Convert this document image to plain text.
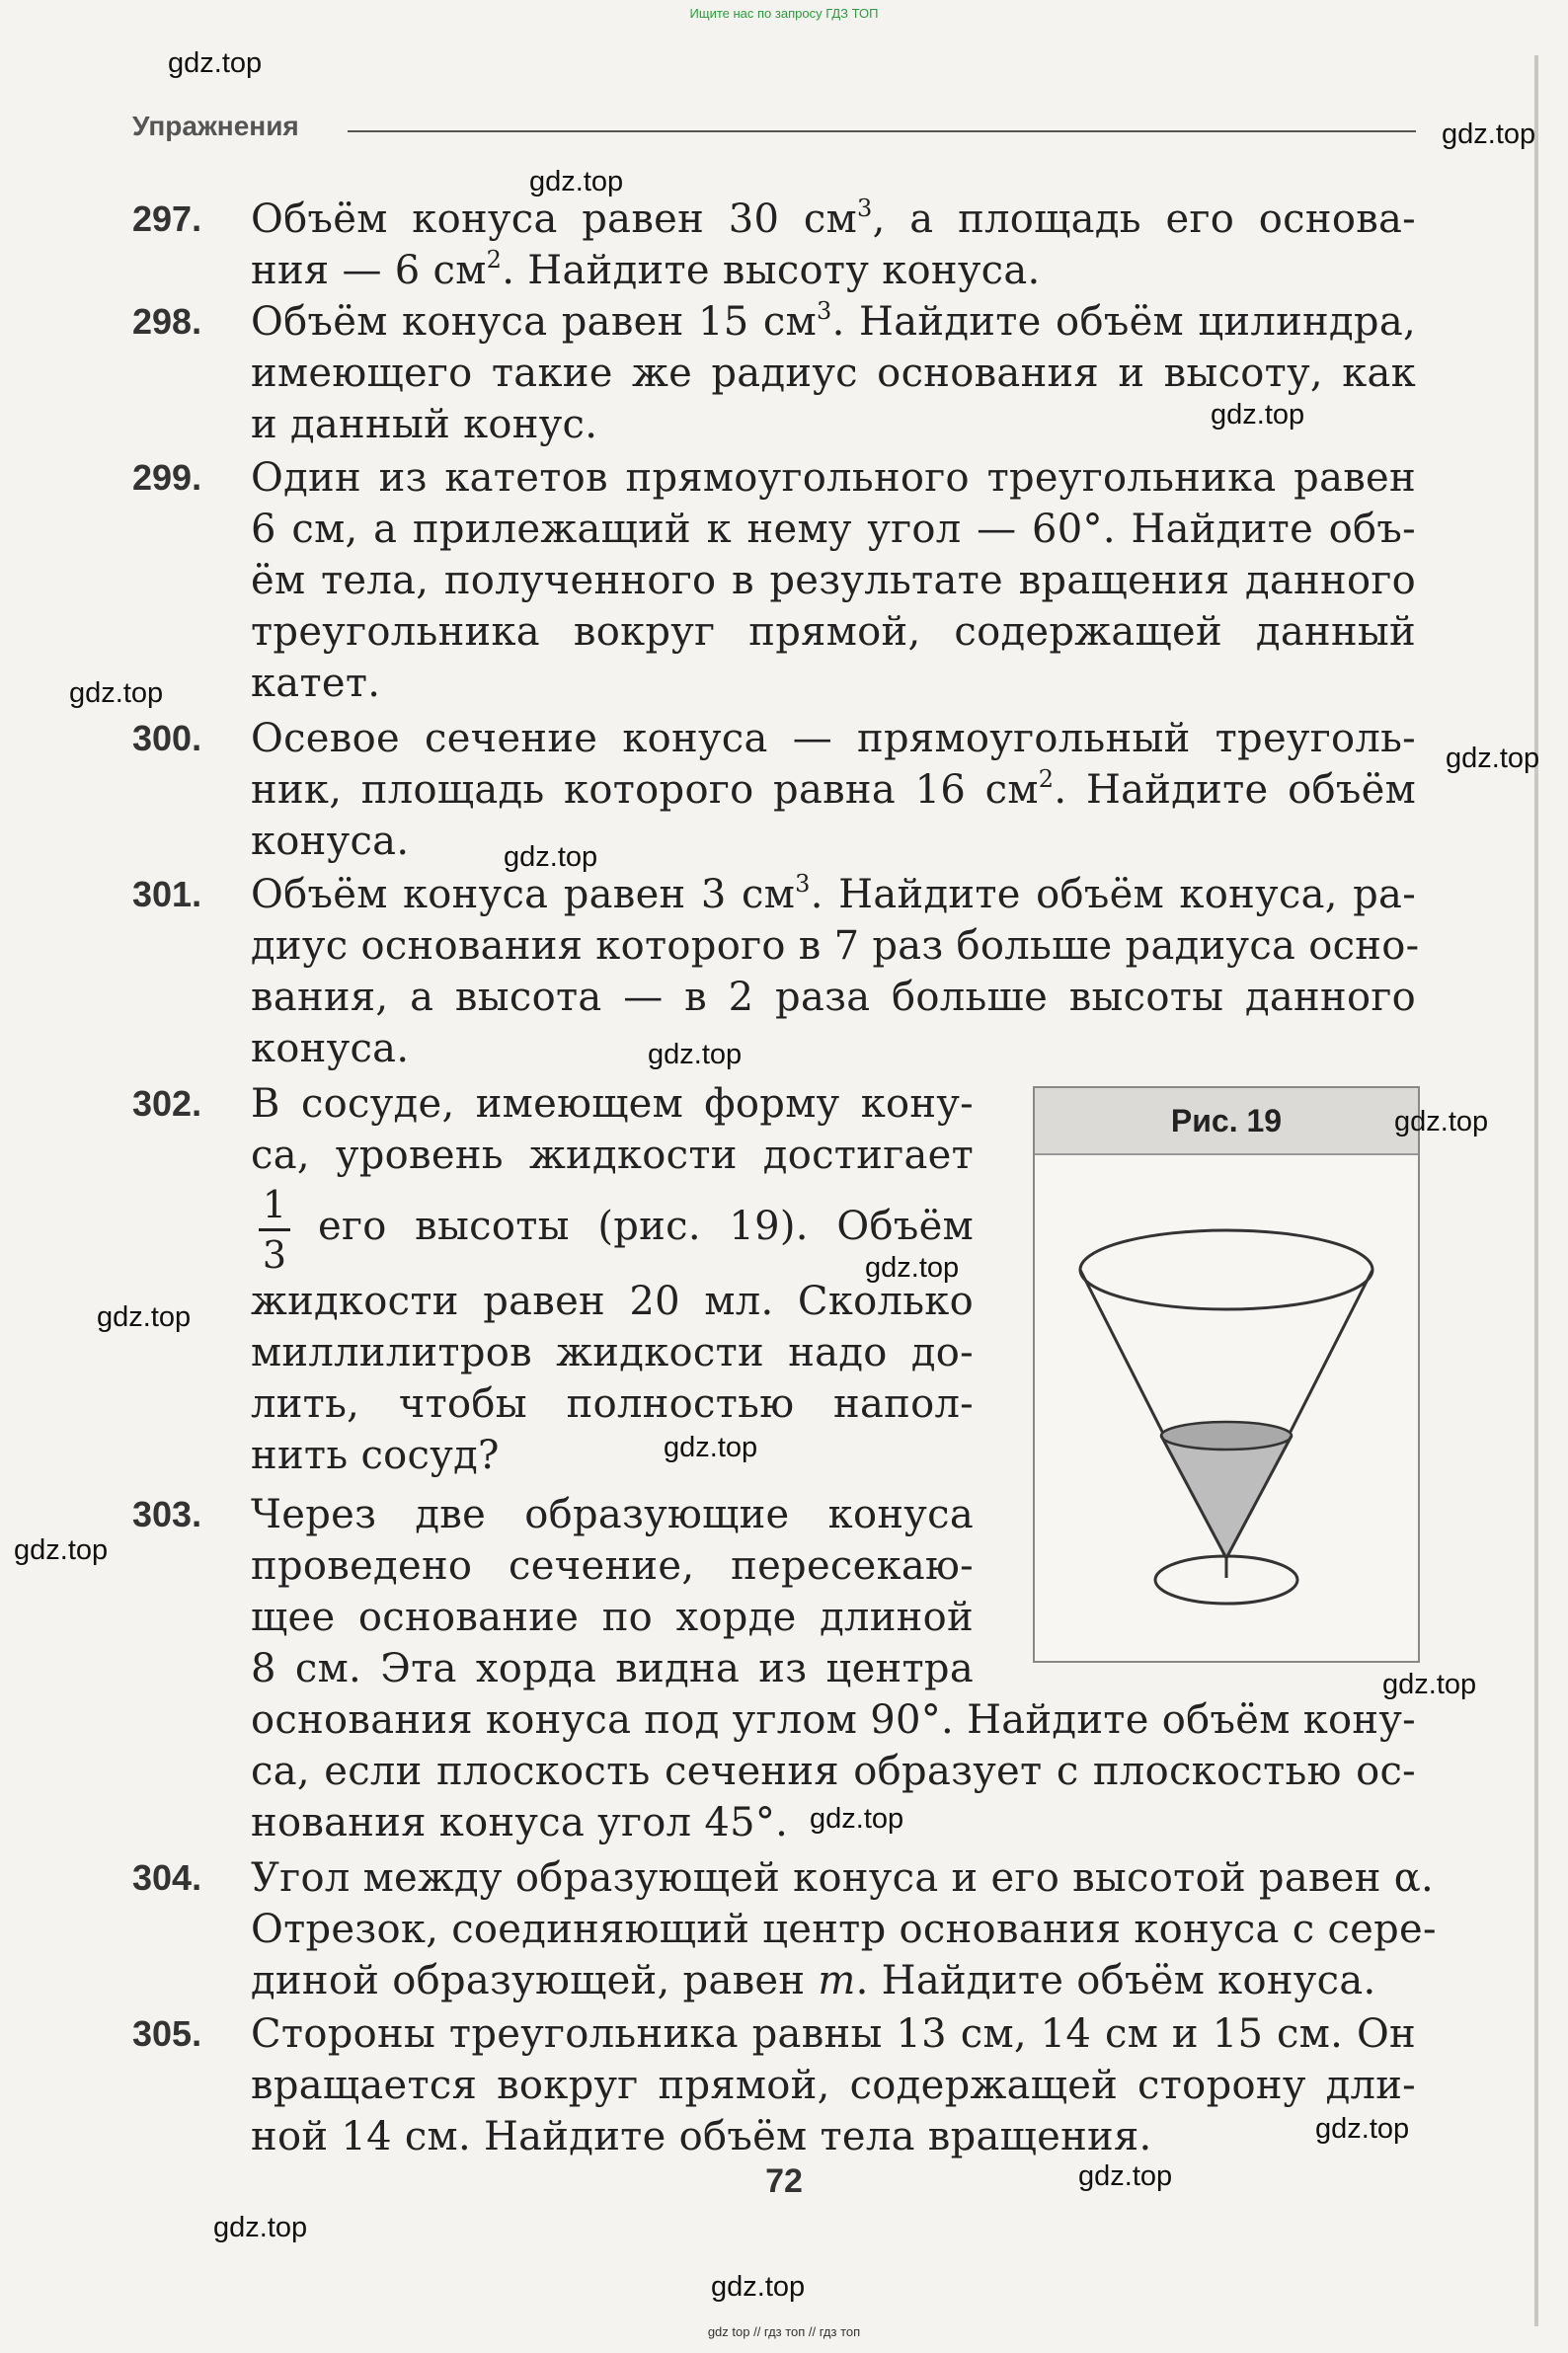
Ищите нас по запросу ГДЗ ТОП
Упражнения
297.	Объём конуса равен 30 $см^3$, а площадь его основа-
ния — 6 $см^2$. Найдите высоту конуса.
298.	Объём конуса равен 15 $см^3$. Найдите объём цилиндра,
имеющего такие же радиус основания и высоту, как
и данный конус.
299.	Один из катетов прямоугольного треугольника равен
6 см, а прилежащий к нему угол — 60°. Найдите объ-
ём тела, полученного в результате вращения данного
треугольника вокруг прямой, содержащей данный
катет.
300.	Осевое сечение конуса — прямоугольный треуголь-
ник, площадь которого равна 16 $см^2$. Найдите объём
конуса.
301.	Объём конуса равен 3 $см^3$. Найдите объём конуса, ра-
диус основания которого в 7 раз больше радиуса осно-
вания, а высота — в 2 раза больше высоты данного
конуса.
302.	В сосуде, имеющем форму кону-
са, уровень жидкости достигает
1
3
его высоты (рис. 19). Объём
жидкости равен 20 мл. Сколько
миллилитров жидкости надо до-
лить, чтобы полностью напол-
нить сосуд?
303.	Через две образующие конуса
проведено сечение, пересекаю-
щее основание по хорде длиной
8 см. Эта хорда видна из центра
основания конуса под углом 90°. Найдите объём кону-
са, если плоскость сечения образует с плоскостью ос-
нования конуса угол 45°.
304.	Угол между образующей конуса и его высотой равен α.
Отрезок, соединяющий центр основания конуса с сере-
диной образующей, равен m. Найдите объём конуса.
305.	Стороны треугольника равны 13 см, 14 см и 15 см. Он
вращается вокруг прямой, содержащей сторону дли-
ной 14 см. Найдите объём тела вращения.
Рис. 19
72
gdz.top
gdz.top
gdz.top
gdz.top
gdz.top
gdz.top
gdz.top
gdz.top
gdz.top
gdz.top
gdz.top
gdz.top
gdz.top
gdz.top
gdz.top
gdz.top
gdz.top
gdz.top
gdz.top
gdz top // гдз топ // гдз топ
